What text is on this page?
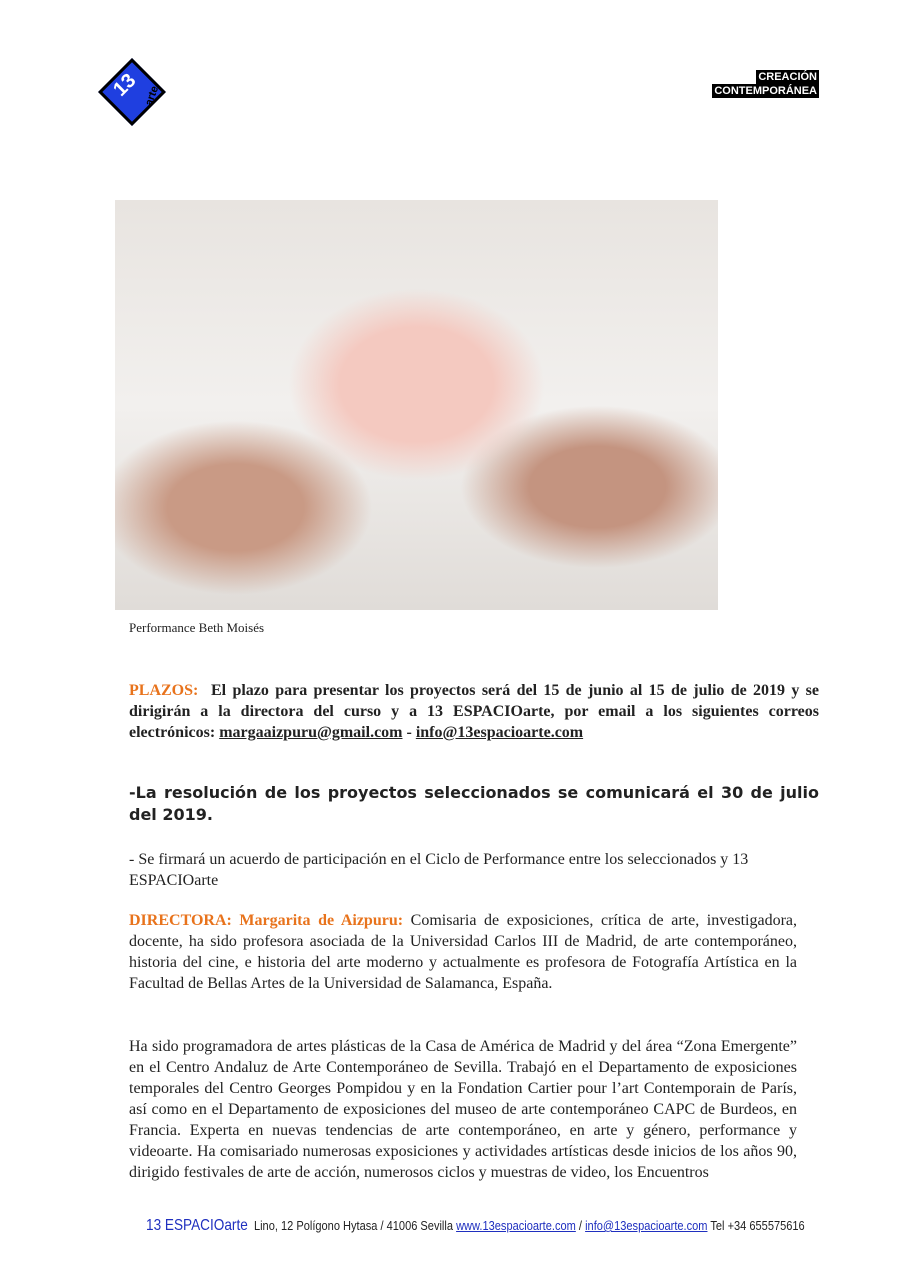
13 arte
CREACIÓN
CONTEMPORÁNEA
Performance Beth Moisés
PLAZOS: El plazo para presentar los proyectos será del 15 de junio al 15 de julio de 2019 y se dirigirán a la directora del curso y a 13 ESPACIOarte, por email a los siguientes correos electrónicos: margaaizpuru@gmail.com - info@13espacioarte.com
-La resolución de los proyectos seleccionados se comunicará el 30 de julio del 2019.
- Se firmará un acuerdo de participación en el Ciclo de Performance entre los seleccionados y 13 ESPACIOarte
DIRECTORA: Margarita de Aizpuru: Comisaria de exposiciones, crítica de arte, investigadora, docente, ha sido profesora asociada de la Universidad Carlos III de Madrid, de arte contemporáneo, historia del cine, e historia del arte moderno y actualmente es profesora de Fotografía Artística en la Facultad de Bellas Artes de la Universidad de Salamanca, España.
Ha sido programadora de artes plásticas de la Casa de América de Madrid y del área “Zona Emergente” en el Centro Andaluz de Arte Contemporáneo de Sevilla. Trabajó en el Departamento de exposiciones temporales del Centro Georges Pompidou y en la Fondation Cartier pour l’art Contemporain de París, así como en el Departamento de exposiciones del museo de arte contemporáneo CAPC de Burdeos, en Francia. Experta en nuevas tendencias de arte contemporáneo, en arte y género, performance y videoarte. Ha comisariado numerosas exposiciones y actividades artísticas desde inicios de los años 90, dirigido festivales de arte de acción, numerosos ciclos y muestras de video, los Encuentros
13 ESPACIOarte Lino, 12 Polígono Hytasa / 41006 Sevilla www.13espacioarte.com / info@13espacioarte.com Tel +34 655575616
